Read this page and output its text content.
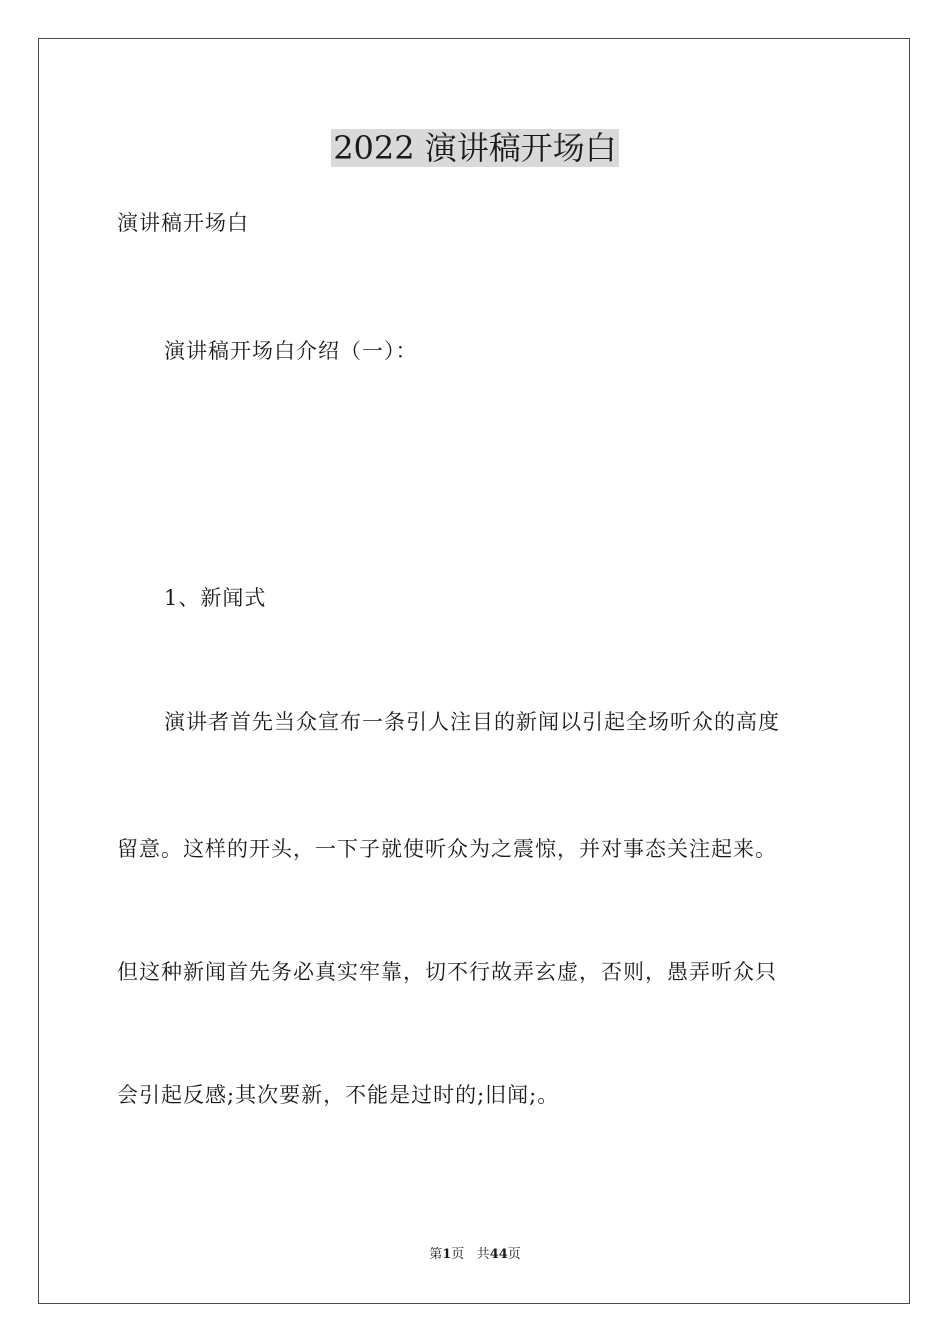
2022 演讲稿开场白
演讲稿开场白
演讲稿开场白介绍（一）：
1、新闻式
演讲者首先当众宣布一条引人注目的新闻以引起全场听众的高度
留意。这样的开头，一下子就使听众为之震惊，并对事态关注起来。
但这种新闻首先务必真实牢靠，切不行故弄玄虚，否则，愚弄听众只
会引起反感;其次要新，不能是过时的;旧闻;。
第1页 共44页
